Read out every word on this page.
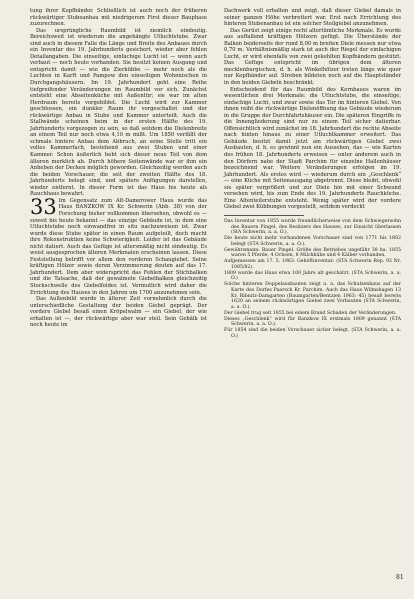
tung ihrer Kopfbänder. Schließlich ist auch noch der früheren rückwärtiger Stubeanbau mit niedrigerem First dieser Bauphase zuzurechnen.

Das ursprüngliche Raumbild ist ziemlich eindeutig. Bereichsweit ist wiederum die angehängte Utluchtstube. Zwar sind auch in diesem Falle die Länge und Breite des Anbaues durch ein Inventar des 19. Jahrhunderts gesichert, wieder aber fehlen Detailangaben. Die einseitige, einfachige Lucht ist — wenn auch verbaut — noch heute vorhanden. Sie besitzt keinen Ausgang und entspricht damit — wie die Zierkübbe — mehr noch als die Luchten in Karft und Pampow den einseitigen Wohnnischen in Durchgangshäusern. Im 19. Jahrhundert geht eine Reihe tiefgreifender Veränderungen im Raumbild vor sich. Zunächst entsteht eine Abseitenküche mit Außentür; sie war im alten Herdraum bereits vorgebildet. Die Lucht wird zur Kammer geschlossen, ein dunkler Raum ihr vorgeschaltet und der rückwärtige Anbau in Stube und Kammer unterteilt. Auch die Stallwände scheinen beim in der ersten Hälfte des 19. Jahrhunderts vorgezogen zu sein, so daß seitdem die Dielenbreite an einem Teil nur noch etwa 4,10 m mißt. Um 1850 verfällt der schmale hintere Anbau dem Abbruch, an seine Stelle tritt ein volles Kammerfach, bestehend aus zwei Stuben und einer Kammer. Schon äußerlich hebt sich dieser neue Teil von dem älteren merklich ab. Durch höhere Seitenwände war er ihm ein Anheben der Decken möglich geworden. Gleichzeitig werden auch die beiden Vorschauer, die seit der zweiten Hälfte des 18. Jahrhunderts belegt sind, und spätere Anfügungen darstellen, wieder entfernt. In dieser Form ist das Haus bis heute als Rauchhaus bewahrt.

33 Im Gegensatz zum Alt-Damerower Haus wurde das Haus BANZKOW IX Kr. Schwerin (Abb. 38) von der Forschung bisher vollkommen übersehen, obwohl es — soweit bis heute bekannt — das einzige Gebäude ist, in dem eine Utluchtstube noch einwandfrei in situ nachzuweisen ist. Zwar wurde diese Stube später in einen Raum aufgeteilt, doch macht ihre Rekonstruktion keine Schwierigkeit. Leider ist das Gebäude nicht datiert. Auch das Gefüge ist altersmäßig nicht eindeutig. Es weist ausgesprochen älteren Merkmalen erscheinen lassen. Diese Feststellung betrifft vor allem den vorderen Schaugiebel. Seine kräftigen Hölzer sowie deren Verzimmerung deuten auf das 17. Jahrhundert. Dem aber widerspricht das Fehlen der Stichbalken und die Tatsache, daß der gewalmete Giebelbalken gleichzeitig Stockschwelle des Giebelfeldes ist. Vermutlich wird daher die Errichtung des Hauses in den Jahren um 1700 anzunehmen sein.

Das Außenbild wurde in älterer Zeit vornehmlich durch die unterschiedliche Gestaltung der beiden Giebel geprägt. Der vordere Giebel besaß einen Kröpelwalm — ein Giebel, der wie erhalten ist —, der rückwärtige aber war steil. Sein Gebälk ist noch heute im

Dachwerk voll erhalten und zeigt, daß dieser Giebel damals in seiner ganzen Höhe verbrettert war. Erst nach Errichtung des hinteren Stubenanbau ist ein solcher Steilgiebel anzunehmen.

Das Gerüst zeigt einige recht altertümliche Merkmale. Es wurde aus auffallend kräftigen Hölzern gefügt. Die Überstände der Balken beiderseits der rund 8,00 m breiten Diele messen nur etwa 0,70 m. Verhältnismäßig stark ist auch der Riegel der einfachigen Lucht, er wird ebenfalls von zwei gekehlten Kopfbändern gestützt. Das Gefüge entspricht im übrigen dem älteren mecklenburgischen, d. h. als Winkelhölzer treten längs wie quer nur Kopfbänder auf. Streben bildeten noch auf die Hauptständer in den beiden Giebeln beschränkt.

Entscheidend für das Raumbild des Kernbaues waren im wesentlichen drei Merkmale: die Utluchtstube, die einseitige, einfachige Lucht, und zwar sowie das Tor im hinteren Giebel. Von ihnen reiht die rückwärtige Dielenöffnung das Gebäude wiederum in die Gruppe der Durchfahrtshäuser ein. Die späteren Eingriffe in die Innengliederung sind nur zu einem Teil sicher datierbar. Offensichtlich wird zunächst im 18. Jahrhundert die rechte Abseite nach hinten hinaus zu einer Utluchtkammer erweitert. Das Gebäude besitzt damit jetzt am rückwärtigen Giebel zwei Ausbauten, d. h. es gewinnt nun ein Aussehen, das — wie Karten des frühen 18. Jahrhunderts erweisen — unter anderem auch in den Dörfern nahe der Stadt Parchim für einzelne Hallenhäuser bezeichnend war. Weitere Veränderungen erfolgen im 19. Jahrhundert. Als erstes wird — wiederum durch ein „Geschlenk“ — eine Küche mit Seitenausgang abgetrennt. Diese bleibt, obwohl sie später vergrößert und zur Diele hin mit einer Schwand versehen wird, bis zum Ende des 19. Jahrhunderts Rauchküche. Eine Altenteilerstube entsteht. Wenig später wird der vordere Giebel zwei Kübbungen vorgestellt, seitdem verdeckt

Das Inventar von 1855 wurde freundlicherweise von dem Schwiegersohn des Bauern Pingel, des Besitzers des Hauses, zur Einsicht überlassen (StA Schwerin, a. a. O.).
Die heute nicht mehr vorhandenen Vorschauer sind von 1771 bis 1802 belegt (STA Schwerin, a. a. O.).
Gewährsmann: Bauer Pingel. Größe des Betriebes ungefähr 38 ha. 1855 waren 5 Pferde, 4 Ochsen, 8 Milchkühe und 4 Kälber vorhanden.
Aufgemessen am 17. 5. 1963. Gehöftinventar: (STA Schwerin Rep. 92 Nr. 1085/82).
1809 wurde das Haus etwa 100 Jahre alt geschätzt. (STA Schwerin, a. a. O.)
Solche hinteren Doppelausbauten zeigt u. a. das Schulzenhaus auf der Karte des Dorfes Paarsch Kr. Parchim. Auch das Haus Wilmshagen 13 Kr. Ribnitz-Damgarten (Baumgarten/Bentzien 1963: 45) besaß bereits 1620 an seinem rückwärtigen Giebel zwei Vorbauten (STA Schwerin, a. a. O.).
Der Giebel trug seit 1855 bei einem Brand Schaden der Veränderungen.
Dieses „Geschlenk“ wird für Banzkow IX erstmals 1809 genannt (STA Schwerin, a. a. O.).
Für 1854 sind die beiden Vorschauer sicher belegt. (STA Schwerin, a. a. O.)
81
